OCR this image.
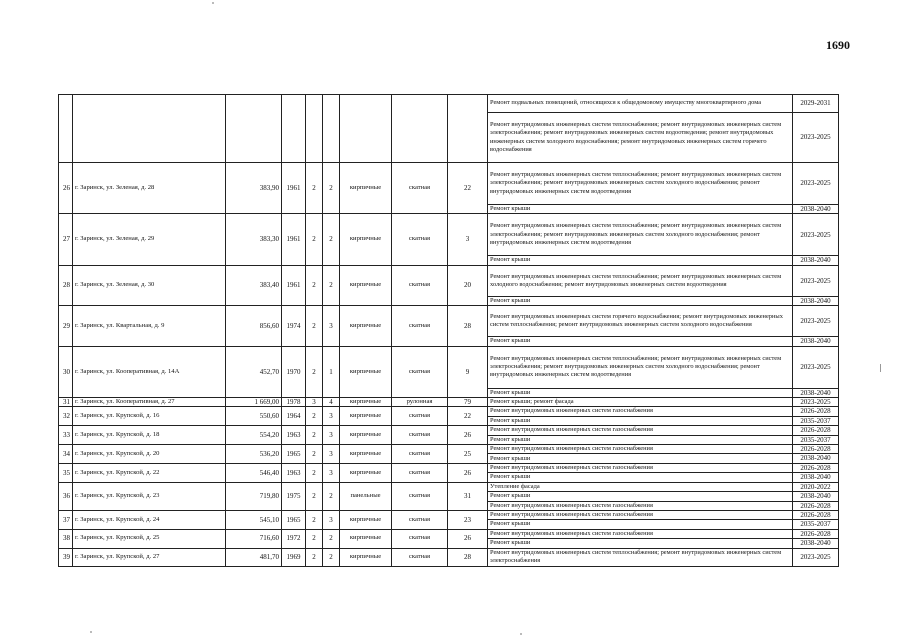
1690
									Ремонт подвальных помещений, относящихся к общедомовому имуществу многоквартирного дома	2029-2031
									Ремонт внутридомовых инженерных систем теплоснабжения; ремонт внутридомовых инженерных систем электроснабжения; ремонт внутридомовых инженерных систем водоотведения; ремонт внутридомовых инженерных систем холодного водоснабжения; ремонт внутридомовых инженерных систем горячего водоснабжения	2023-2025
26	г. Заринск, ул. Зеленая, д. 28	383,90	1961	2	2	кирпичные	скатная	22	Ремонт внутридомовых инженерных систем теплоснабжения; ремонт внутридомовых инженерных систем электроснабжения; ремонт внутридомовых инженерных систем холодного водоснабжения; ремонт внутридомовых инженерных систем водоотведения	2023-2025
									Ремонт крыши	2038-2040
27	г. Заринск, ул. Зеленая, д. 29	383,30	1961	2	2	кирпичные	скатная	3	Ремонт внутридомовых инженерных систем теплоснабжения; ремонт внутридомовых инженерных систем электроснабжения; ремонт внутридомовых инженерных систем холодного водоснабжения; ремонт внутридомовых инженерных систем водоотведения	2023-2025
									Ремонт крыши	2038-2040
28	г. Заринск, ул. Зеленая, д. 30	383,40	1961	2	2	кирпичные	скатная	20	Ремонт внутридомовых инженерных систем теплоснабжения; ремонт внутридомовых инженерных систем холодного водоснабжения; ремонт внутридомовых инженерных систем водоотведения	2023-2025
									Ремонт крыши	2038-2040
29	г. Заринск, ул. Квартальная, д. 9	856,60	1974	2	3	кирпичные	скатная	28	Ремонт внутридомовых инженерных систем горячего водоснабжения; ремонт внутридомовых инженерных систем теплоснабжения; ремонт внутридомовых инженерных систем холодного водоснабжения	2023-2025
									Ремонт крыши	2038-2040
30	г. Заринск, ул. Кооперативная, д. 14А	452,70	1970	2	1	кирпичные	скатная	9	Ремонт внутридомовых инженерных систем теплоснабжения; ремонт внутридомовых инженерных систем электроснабжения; ремонт внутридомовых инженерных систем холодного водоснабжения; ремонт внутридомовых инженерных систем водоотведения	2023-2025
									Ремонт крыши	2038-2040
31	г. Заринск, ул. Кооперативная, д. 27	1 669,00	1978	3	4	кирпичные	рулонная	79	Ремонт крыши; ремонт фасада	2023-2025
32	г. Заринск, ул. Крупской, д. 16	550,60	1964	2	3	кирпичные	скатная	22	Ремонт внутридомовых инженерных систем газоснабжения	2026-2028
									Ремонт крыши	2035-2037
33	г. Заринск, ул. Крупской, д. 18	554,20	1963	2	3	кирпичные	скатная	26	Ремонт внутридомовых инженерных систем газоснабжения	2026-2028
									Ремонт крыши	2035-2037
34	г. Заринск, ул. Крупской, д. 20	536,20	1965	2	3	кирпичные	скатная	25	Ремонт внутридомовых инженерных систем газоснабжения	2026-2028
									Ремонт крыши	2038-2040
35	г. Заринск, ул. Крупской, д. 22	546,40	1963	2	3	кирпичные	скатная	26	Ремонт внутридомовых инженерных систем газоснабжения	2026-2028
									Ремонт крыши	2038-2040
36	г. Заринск, ул. Крупской, д. 23	719,80	1975	2	2	панельные	скатная	31	Утепление фасада	2020-2022
									Ремонт крыши	2038-2040
									Ремонт внутридомовых инженерных систем газоснабжения	2026-2028
37	г. Заринск, ул. Крупской, д. 24	545,10	1965	2	3	кирпичные	скатная	23	Ремонт внутридомовых инженерных систем газоснабжения	2026-2028
									Ремонт крыши	2035-2037
38	г. Заринск, ул. Крупской, д. 25	716,60	1972	2	2	кирпичные	скатная	26	Ремонт внутридомовых инженерных систем газоснабжения	2026-2028
									Ремонт крыши	2038-2040
39	г. Заринск, ул. Крупской, д. 27	481,70	1969	2	2	кирпичные	скатная	28	Ремонт внутридомовых инженерных систем теплоснабжения; ремонт внутридомовых инженерных систем электроснабжения	2023-2025
